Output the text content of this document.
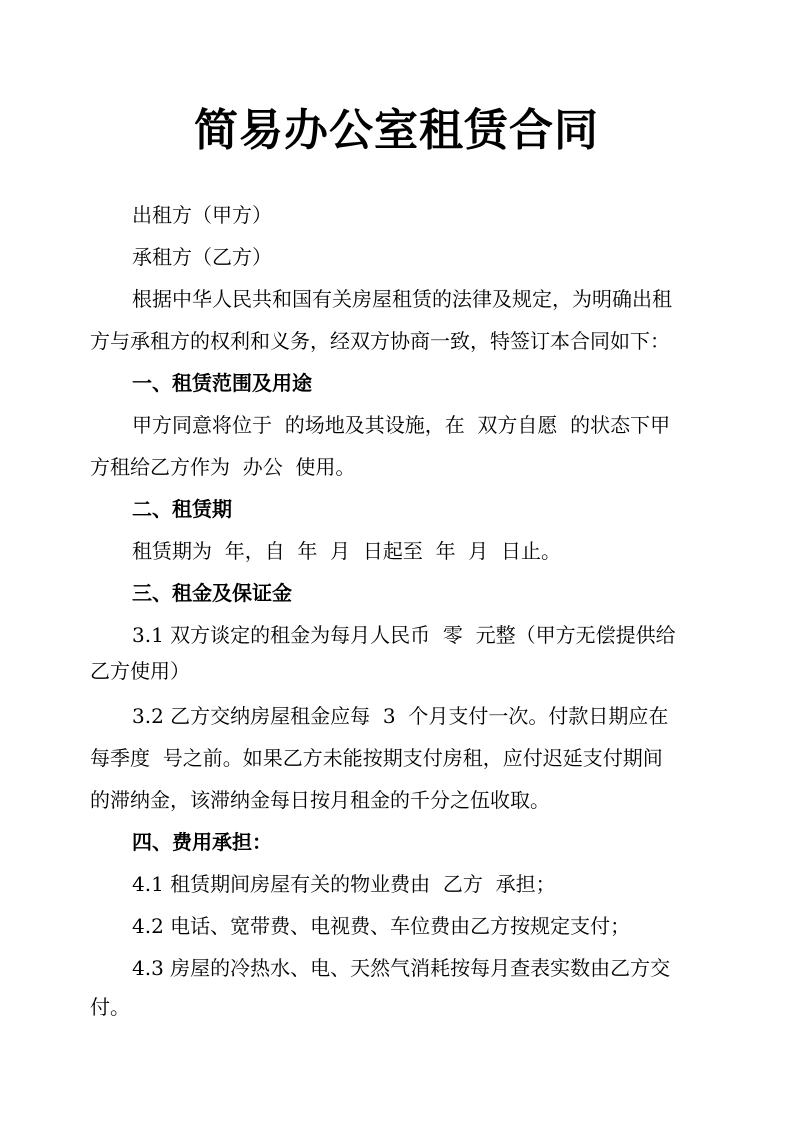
简易办公室租赁合同
出租方（甲方）
承租方（乙方）
根据中华人民共和国有关房屋租赁的法律及规定，为明确出租
方与承租方的权利和义务，经双方协商一致，特签订本合同如下：
一、租赁范围及用途
甲方同意将位于  的场地及其设施，在  双方自愿  的状态下甲
方租给乙方作为  办公  使用。
二、租赁期
租赁期为  年，自  年  月  日起至  年  月  日止。
三、租金及保证金
3.1 双方谈定的租金为每月人民币  零  元整（甲方无偿提供给
乙方使用）
3.2 乙方交纳房屋租金应每  3  个月支付一次。付款日期应在
每季度  号之前。如果乙方未能按期支付房租，应付迟延支付期间
的滞纳金，该滞纳金每日按月租金的千分之伍收取。
四、费用承担：
4.1 租赁期间房屋有关的物业费由  乙方  承担；
4.2 电话、宽带费、电视费、车位费由乙方按规定支付；
4.3 房屋的冷热水、电、天然气消耗按每月查表实数由乙方交
付。
